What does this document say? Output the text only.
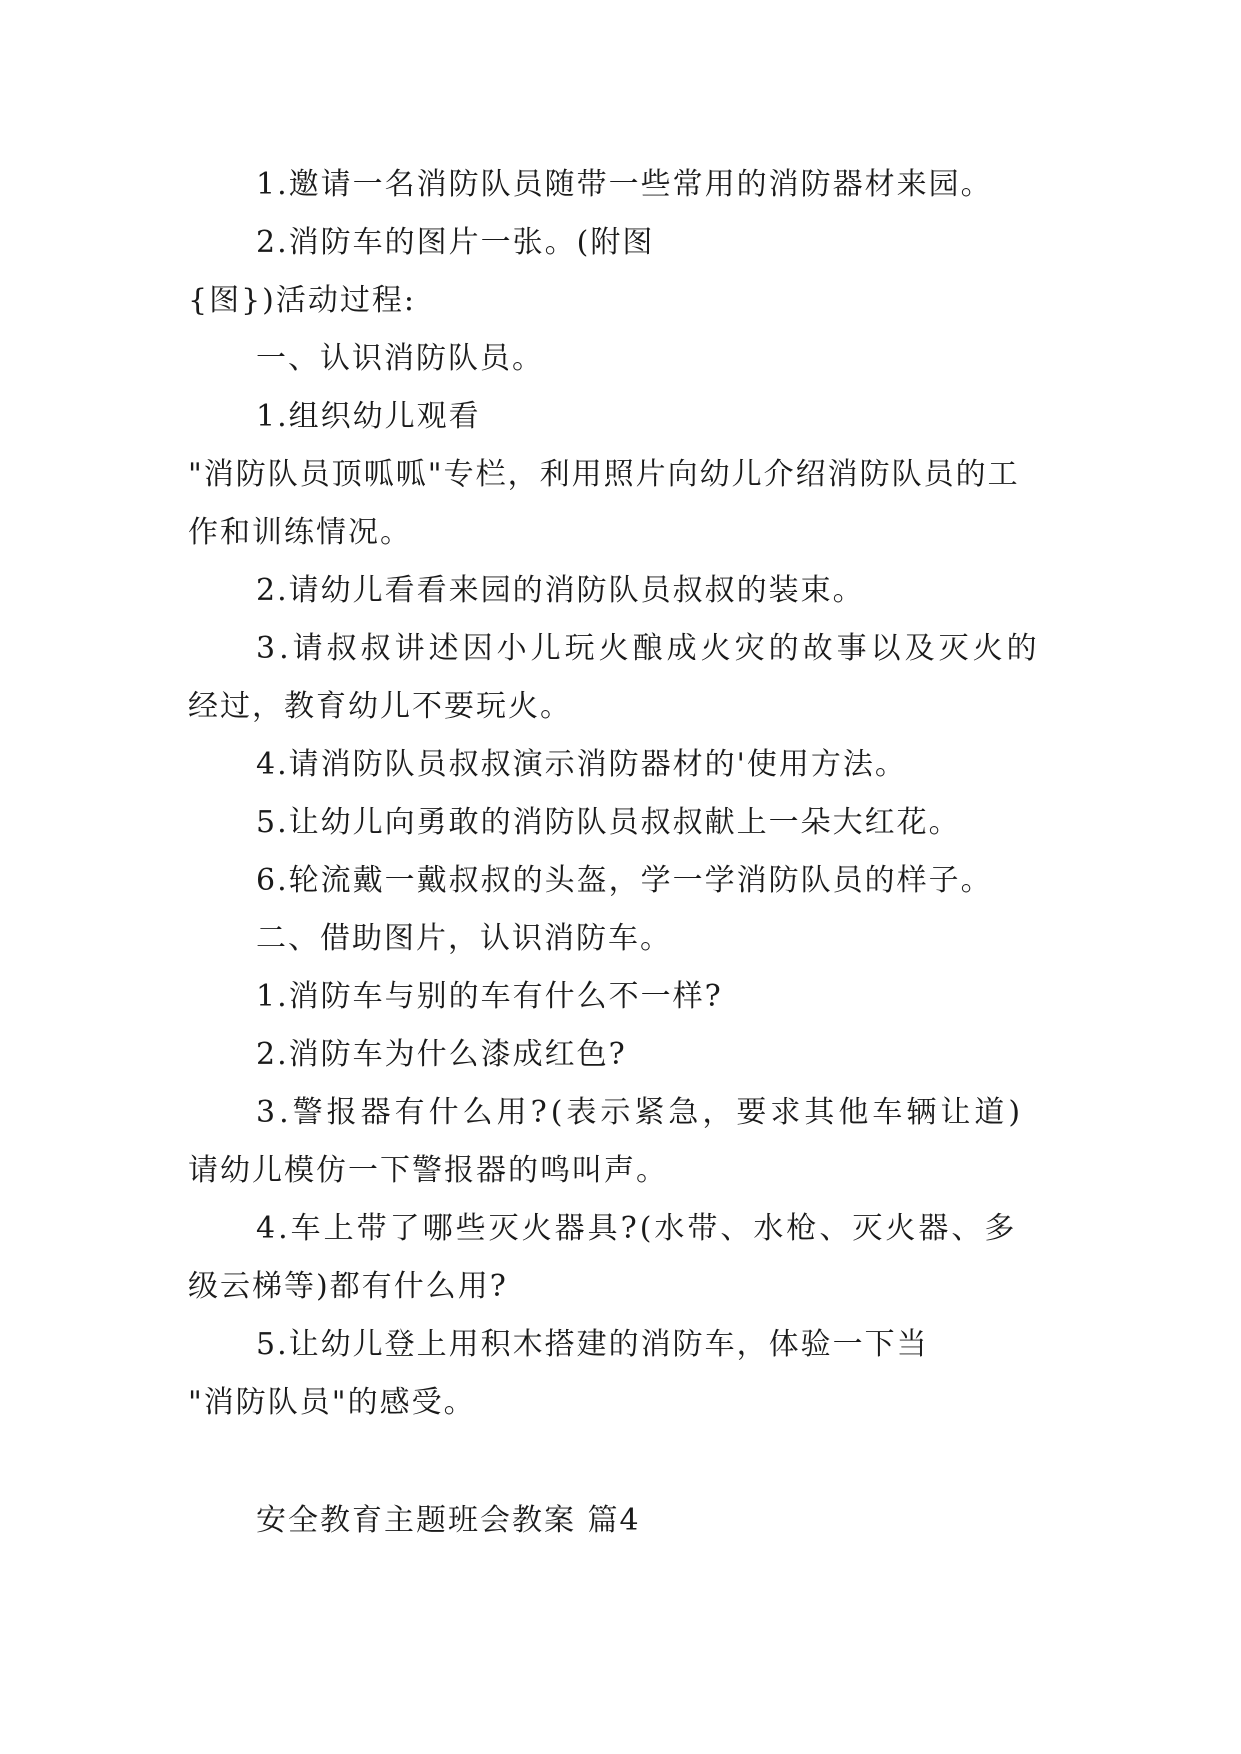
1.邀请一名消防队员随带一些常用的消防器材来园。
2.消防车的图片一张。(附图
{图})活动过程:
一、认识消防队员。
1.组织幼儿观看
"消防队员顶呱呱"专栏，利用照片向幼儿介绍消防队员的工
作和训练情况。
2.请幼儿看看来园的消防队员叔叔的装束。
3.请叔叔讲述因小儿玩火酿成火灾的故事以及灭火的
经过，教育幼儿不要玩火。
4.请消防队员叔叔演示消防器材的'使用方法。
5.让幼儿向勇敢的消防队员叔叔献上一朵大红花。
6.轮流戴一戴叔叔的头盔，学一学消防队员的样子。
二、借助图片，认识消防车。
1.消防车与别的车有什么不一样?
2.消防车为什么漆成红色?
3.警报器有什么用?(表示紧急，要求其他车辆让道)
请幼儿模仿一下警报器的鸣叫声。
4.车上带了哪些灭火器具?(水带、水枪、灭火器、多
级云梯等)都有什么用?
5.让幼儿登上用积木搭建的消防车，体验一下当
"消防队员"的感受。
安全教育主题班会教案 篇4
